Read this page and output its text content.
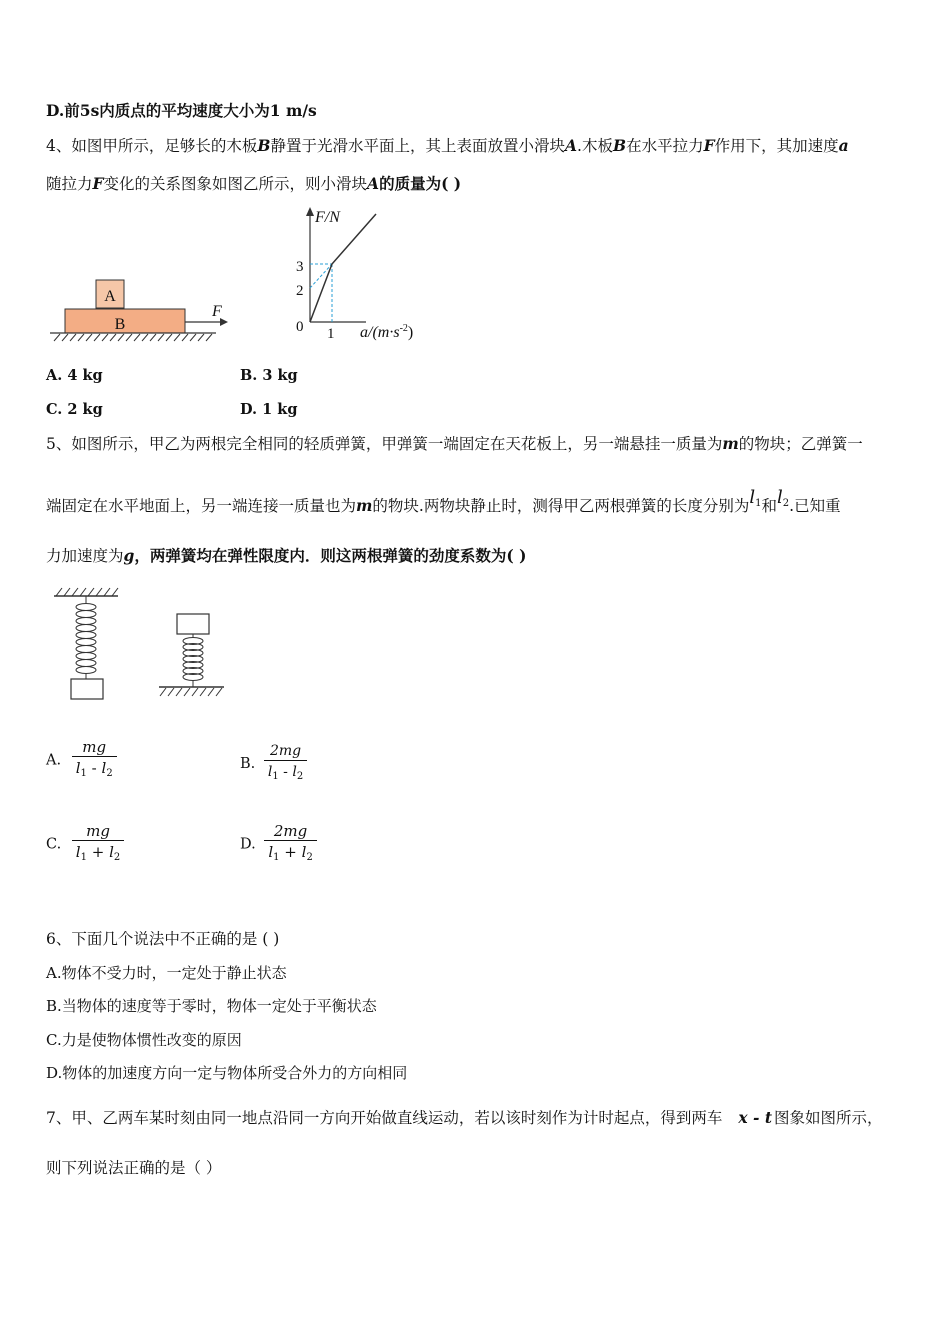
D.前5s内质点的平均速度大小为1 m/s
4、如图甲所示，足够长的木板B静置于光滑水平面上，其上表面放置小滑块A.木板B在水平拉力F作用下，其加速度a
随拉力F变化的关系图象如图乙所示，则小滑块A的质量为( )
A
B
F
F/N
$a/(m\cdot s^{-2})$
3
2
0 1
A. 4 kg	B. 3 kg
C. 2 kg	D. 1 kg
5、如图所示，甲乙为两根完全相同的轻质弹簧，甲弹簧一端固定在天花板上，另一端悬挂一质量为m的物块；乙弹簧一
端固定在水平地面上，另一端连接一质量也为m的物块.两物块静止时，测得甲乙两根弹簧的长度分别为$l^1$和$l^2$.已知重
力加速度为g，两弹簧均在弹性限度内．则这两根弹簧的劲度系数为( )
A. $\frac{mg}{l_1 - l_2}$	B. $\frac{2mg}{l_1 - l_2}$
C. $\frac{mg}{l_1 + l_2}$	D. $\frac{2mg}{l_1 + l_2}$
6、下面几个说法中不正确的是 ( )
A.物体不受力时，一定处于静止状态
B.当物体的速度等于零时，物体一定处于平衡状态
C.力是使物体惯性改变的原因
D.物体的加速度方向一定与物体所受合外力的方向相同
7、甲、乙两车某时刻由同一地点沿同一方向开始做直线运动，若以该时刻作为计时起点，得到两车 x - t 图象如图所示，
则下列说法正确的是（ ）
